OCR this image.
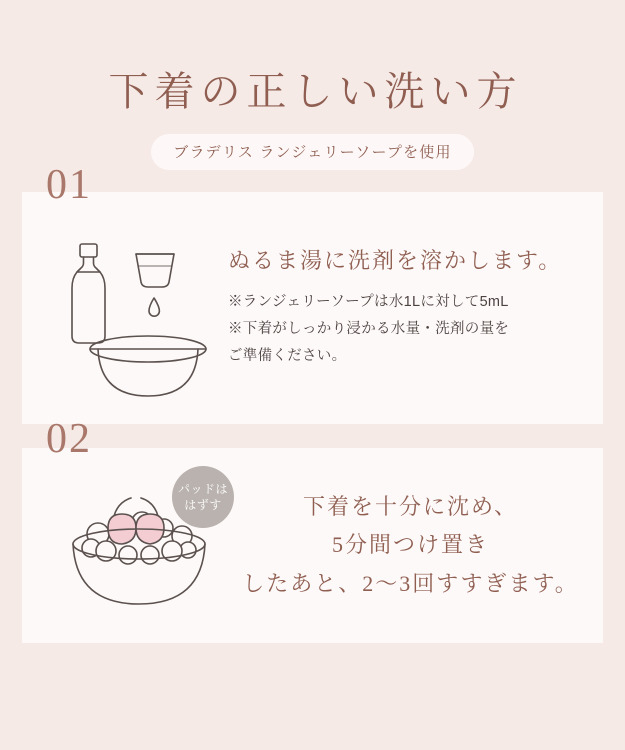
下着の正しい洗い方
ブラデリス ランジェリーソープを使用
01

ぬるま湯に洗剤を溶かします。

※ランジェリーソープは水1Lに対して5mL

※下着がしっかり浸かる水量・洗剤の量を

ご準備ください。

02
パッドは
はずす	下着を十分に沈め、
5分間つけ置き
したあと、2〜3回すすぎます。
